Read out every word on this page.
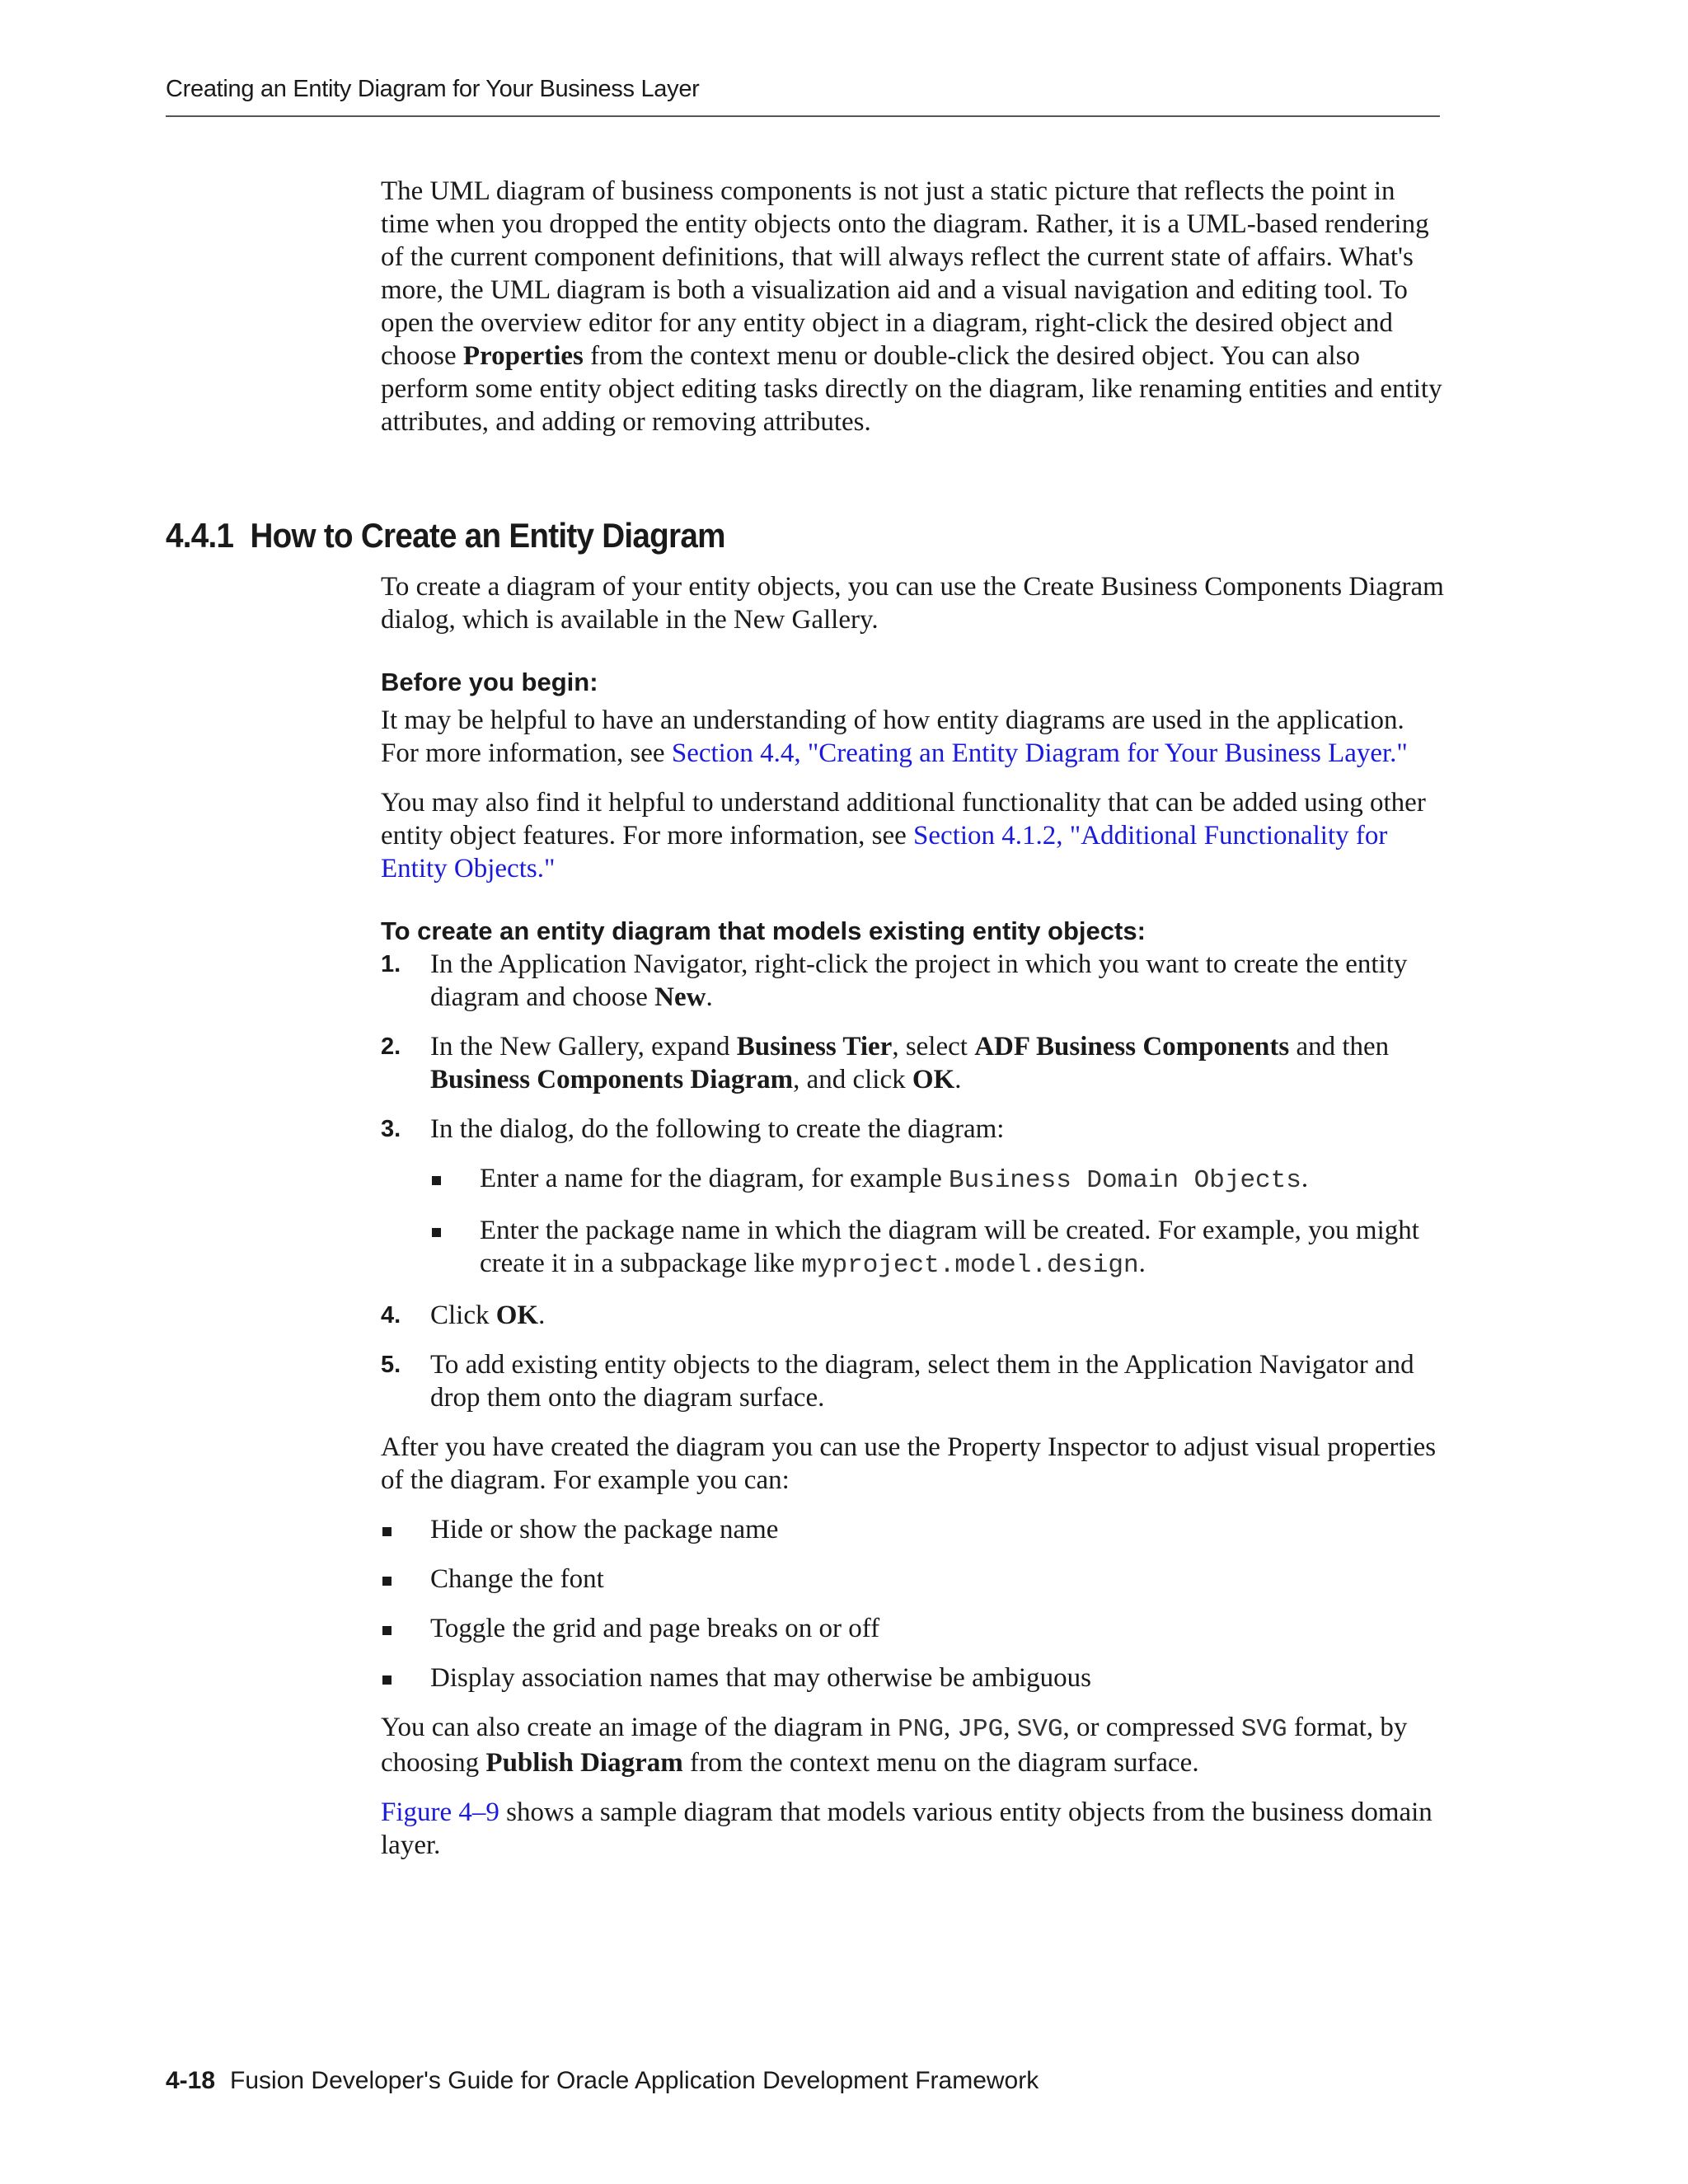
Creating an Entity Diagram for Your Business Layer

The UML diagram of business components is not just a static picture that reflects the point in time when you dropped the entity objects onto the diagram. Rather, it is a UML-based rendering of the current component definitions, that will always reflect the current state of affairs. What's more, the UML diagram is both a visualization aid and a visual navigation and editing tool. To open the overview editor for any entity object in a diagram, right-click the desired object and choose Properties from the context menu or double-click the desired object. You can also perform some entity object editing tasks directly on the diagram, like renaming entities and entity attributes, and adding or removing attributes.

4.4.1 How to Create an Entity Diagram

To create a diagram of your entity objects, you can use the Create Business Components Diagram dialog, which is available in the New Gallery.

Before you begin:

It may be helpful to have an understanding of how entity diagrams are used in the application. For more information, see Section 4.4, "Creating an Entity Diagram for Your Business Layer."

You may also find it helpful to understand additional functionality that can be added using other entity object features. For more information, see Section 4.1.2, "Additional Functionality for Entity Objects."

To create an entity diagram that models existing entity objects:

1. In the Application Navigator, right-click the project in which you want to create the entity diagram and choose New.
2. In the New Gallery, expand Business Tier, select ADF Business Components and then Business Components Diagram, and click OK.
3. In the dialog, do the following to create the diagram:
Enter a name for the diagram, for example Business Domain Objects.
Enter the package name in which the diagram will be created. For example, you might create it in a subpackage like myproject.model.design.
4. Click OK.
5. To add existing entity objects to the diagram, select them in the Application Navigator and drop them onto the diagram surface.

After you have created the diagram you can use the Property Inspector to adjust visual properties of the diagram. For example you can:

Hide or show the package name
Change the font
Toggle the grid and page breaks on or off
Display association names that may otherwise be ambiguous

You can also create an image of the diagram in PNG, JPG, SVG, or compressed SVG format, by choosing Publish Diagram from the context menu on the diagram surface.

Figure 4–9 shows a sample diagram that models various entity objects from the business domain layer.

4-18 Fusion Developer's Guide for Oracle Application Development Framework
